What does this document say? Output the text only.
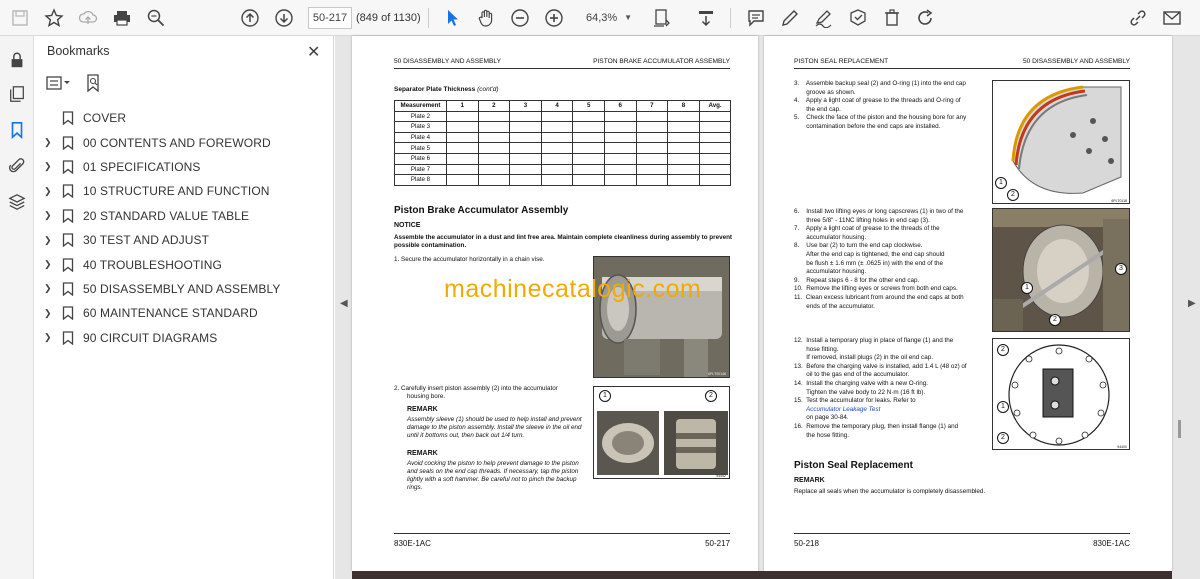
50-217 (849 of 1130)	64,3% ▼
Bookmarks	✕
COVER
❯	00 CONTENTS AND FOREWORD
❯	01 SPECIFICATIONS
❯	10 STRUCTURE AND FUNCTION
❯	20 STANDARD VALUE TABLE
❯	30 TEST AND ADJUST
❯	40 TROUBLESHOOTING
❯	50 DISASSEMBLY AND ASSEMBLY
❯	60 MAINTENANCE STANDARD
❯	90 CIRCUIT DIAGRAMS
◀	▶
50 DISASSEMBLY AND ASSEMBLY	PISTON BRAKE ACCUMULATOR ASSEMBLY
Separator Plate Thickness (cont'd)
Measurement	1	2	3	4	5	6	7	8	Avg.
Plate 2									
Plate 3									
Plate 4									
Plate 5									
Plate 6									
Plate 7									
Plate 8									
Piston Brake Accumulator Assembly
NOTICE
Assemble the accumulator in a dust and lint free area. Maintain complete cleanliness during assembly to prevent possible contamination.
1. Secure the accumulator horizontally in a chain vise.
6PLT00146
2. Carefully insert piston assembly (2) into the accumulator
housing bore.
REMARK
Assembly sleeve (1) should be used to help install and prevent damage to the piston assembly. Install the sleeve in the oil end until it bottoms out, then back out 1/4 turn.
REMARK
Avoid cocking the piston to help prevent damage to the piston and seals on the end cap threads. If necessary, tap the piston lightly with a soft hammer. Be careful not to pinch the backup rings.
94402
1	2
830E-1AC	50-217
PISTON SEAL REPLACEMENT	50 DISASSEMBLY AND ASSEMBLY
3.    Assemble backup seal (2) and O-ring (1) into the end cap
groove as shown.
4.    Apply a light coat of grease to the threads and O-ring of
the end cap.
5.    Check the face of the piston and the housing bore for any
contamination before the end caps are installed.
6.    Install two lifting eyes or long capscrews (1) in two of the
three 5/8" - 11NC lifting holes in end cap (3).
7.    Apply a light coat of grease to the threads of the
accumulator housing.
8.    Use bar (2) to turn the end cap clockwise.
After the end cap is tightened, the end cap should
be flush ± 1.6 mm (± .0625 in) with the end of the
accumulator housing.
9.    Repeat steps 6 - 8 for the other end cap.
10.  Remove the lifting eyes or screws from both end caps.
11.  Clean excess lubricant from around the end caps at both
ends of the accumulator.
12.  Install a temporary plug in place of flange (1) and the
hose fitting.
If removed, install plugs (2) in the oil end cap.
13.  Before the charging valve is installed, add 1.4 L (48 oz) of
oil to the gas end of the accumulator.
14.  Install the charging valve with a new O-ring.
Tighten the valve body to 22 N·m (16 ft lb).
15.  Test the accumulator for leaks. Refer to
Accumulator Leakage Test
on page 30-84.
16.  Remove the temporary plug, then install flange (1) and
the hose fitting.
6PLT0118
1
2
1
2
3
94400
2
1
2
Piston Seal Replacement
REMARK
Replace all seals when the accumulator is completely disassembled.
50-218	830E-1AC
machinecatalogic.com
